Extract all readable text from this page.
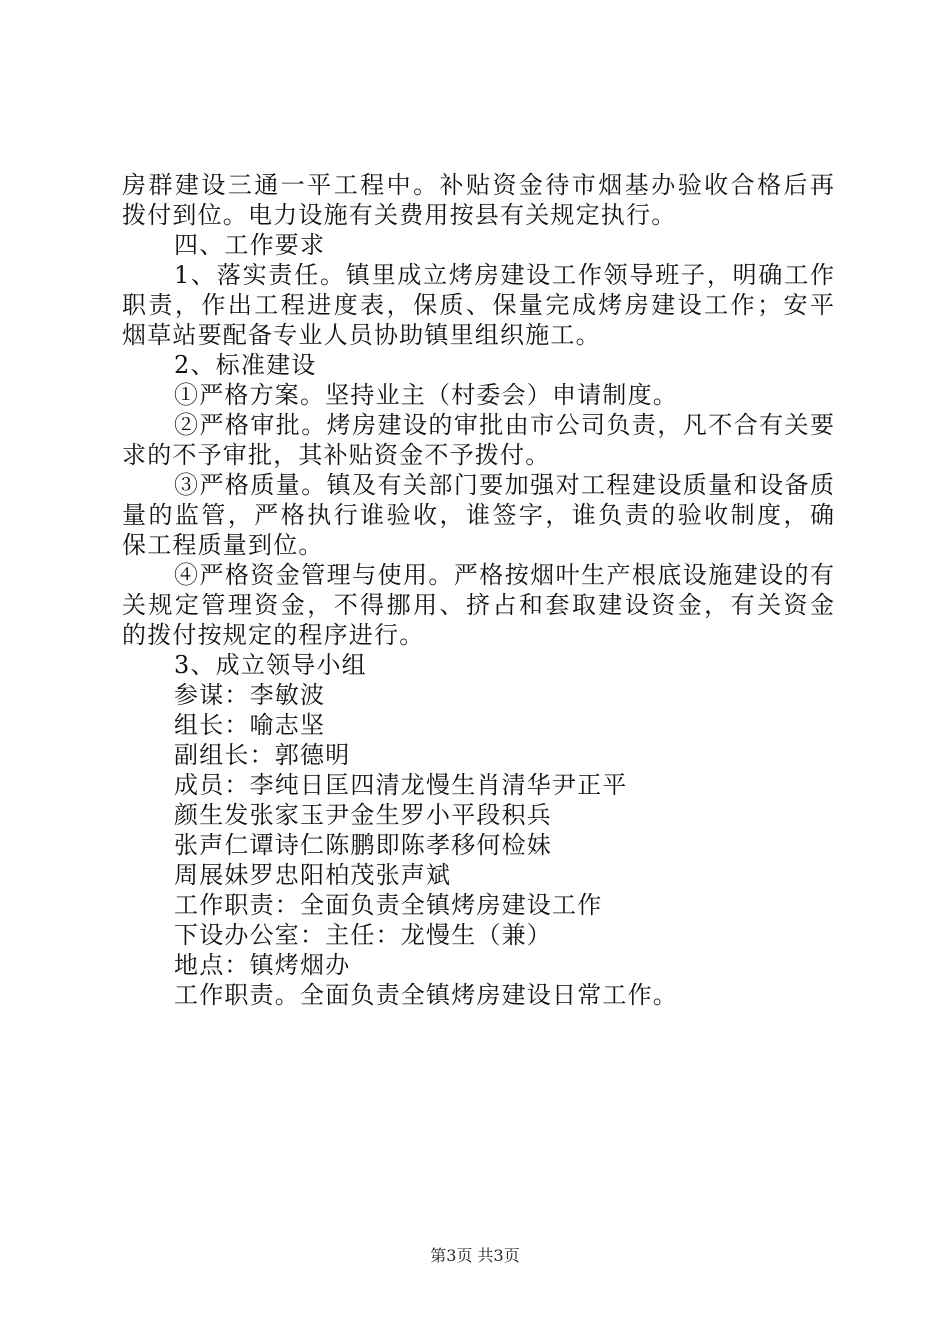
房群建设三通一平工程中。补贴资金待市烟基办验收合格后再
拨付到位。电力设施有关费用按县有关规定执行。
四、工作要求
1、落实责任。镇里成立烤房建设工作领导班子，明确工作
职责，作出工程进度表，保质、保量完成烤房建设工作；安平
烟草站要配备专业人员协助镇里组织施工。
2、标准建设
①严格方案。坚持业主（村委会）申请制度。
②严格审批。烤房建设的审批由市公司负责，凡不合有关要
求的不予审批，其补贴资金不予拨付。
③严格质量。镇及有关部门要加强对工程建设质量和设备质
量的监管，严格执行谁验收，谁签字，谁负责的验收制度，确
保工程质量到位。
④严格资金管理与使用。严格按烟叶生产根底设施建设的有
关规定管理资金，不得挪用、挤占和套取建设资金，有关资金
的拨付按规定的程序进行。
3、成立领导小组
参谋：李敏波
组长：喻志坚
副组长：郭德明
成员：李纯日匡四清龙慢生肖清华尹正平
颜生发张家玉尹金生罗小平段积兵
张声仁谭诗仁陈鹏即陈孝移何检妹
周展妹罗忠阳柏茂张声斌
工作职责：全面负责全镇烤房建设工作
下设办公室：主任：龙慢生（兼）
地点：镇烤烟办
工作职责。全面负责全镇烤房建设日常工作。
第3页 共3页
